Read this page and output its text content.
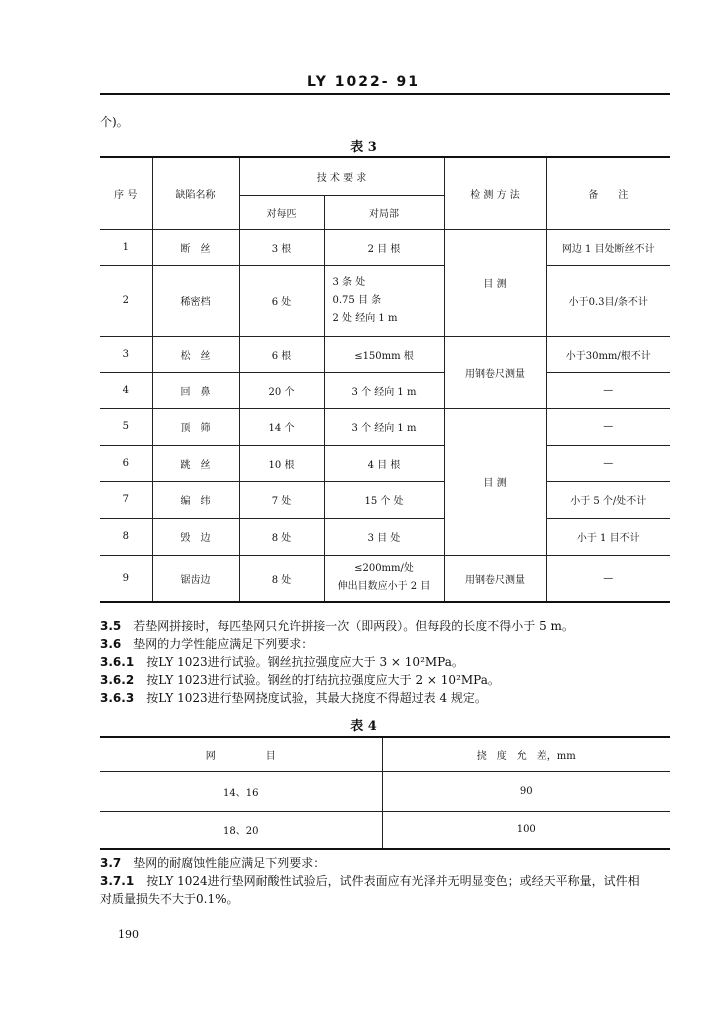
LY 1022- 91
个)。
表 3
序 号	缺陷名称	技 术 要 求		检 测 方 法	备　　注
		对每匹	对局部		
1	断　丝	3 根	2 目 根	目 测	网边 1 目处断丝不计
2	稀密档	6 处	3 条 处
0.75 目 条
2 处 经向 1 m		小于0.3目/条不计
3	松　丝	6 根	≤150mm 根	用钢卷尺测量	小于30mm/根不计
4	回　鼻	20 个	3 个 经向 1 m		—
5	顶　筛	14 个	3 个 经向 1 m	目 测	—
6	跳　丝	10 根	4 目 根		—
7	编　纬	7 处	15 个 处		小于 5 个/处不计
8	毁　边	8 处	3 目 处		小于 1 目不计
9	锯齿边	8 处	≤200mm/处
伸出目数应小于 2 目	用钢卷尺测量	—
3.5　 若垫网拼接时，每匹垫网只允许拼接一次（即两段）。但每段的长度不得小于 5 m。
3.6　 垫网的力学性能应满足下列要求：
3.6.1　 按LY 1023进行试验。钢丝抗拉强度应大于 3 × 10²MPa。
3.6.2　 按LY 1023进行试验。钢丝的打结抗拉强度应大于 2 × 10²MPa。
3.6.3　 按LY 1023进行垫网挠度试验，其最大挠度不得超过表 4 规定。
表 4
网　　　　　目	挠　度　允　差，mm
14、16	90
18、20	100
3.7　 垫网的耐腐蚀性能应满足下列要求：
3.7.1　 按LY 1024进行垫网耐酸性试验后，试件表面应有光泽并无明显变色；或经天平称量，试件相
对质量损失不大于0.1%。
190
